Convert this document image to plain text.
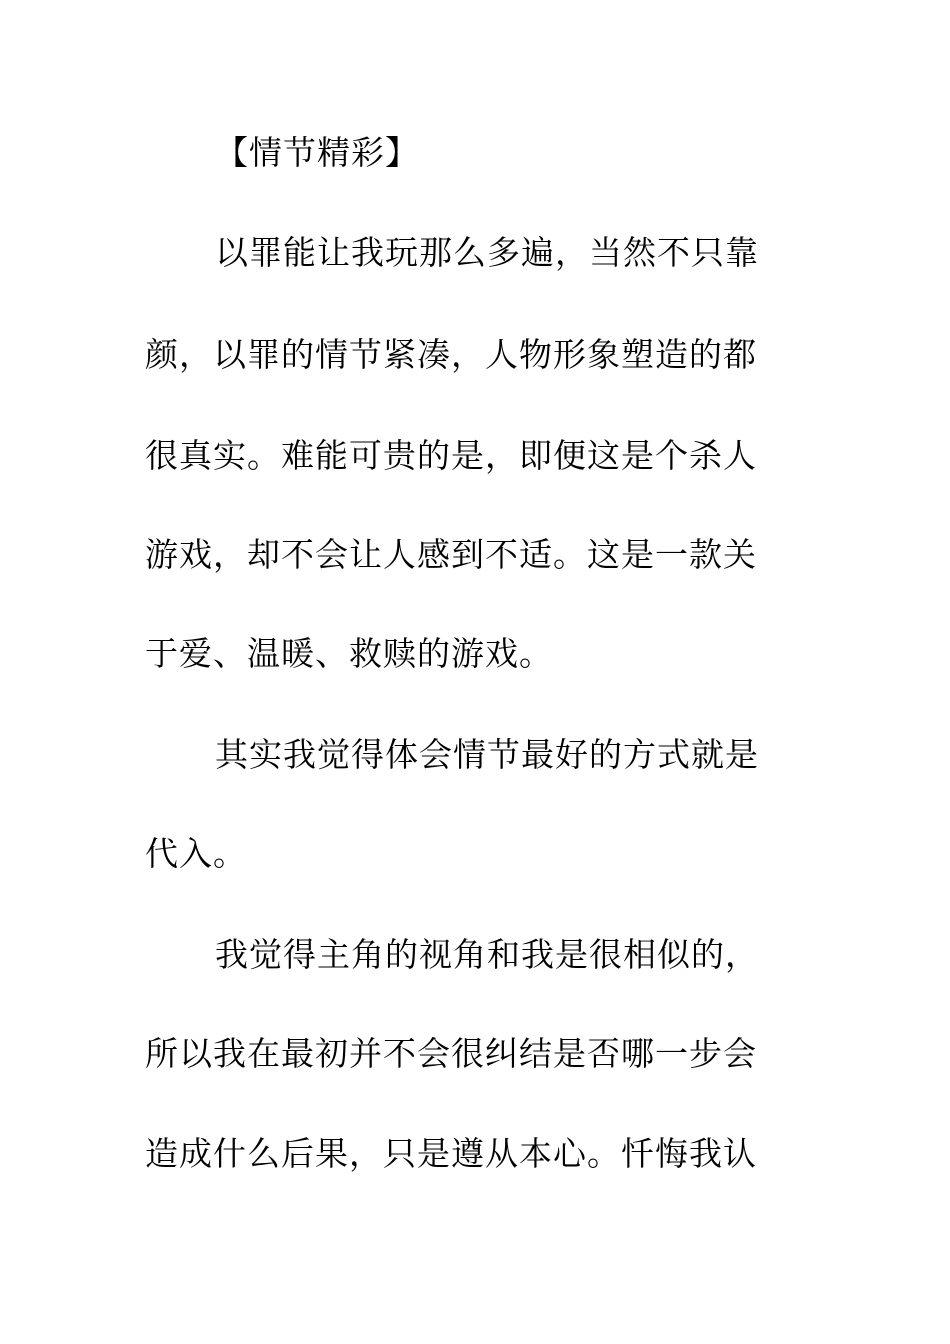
【情节精彩】
以罪能让我玩那么多遍，当然不只靠
颜，以罪的情节紧凑，人物形象塑造的都
很真实。难能可贵的是，即便这是个杀人
游戏，却不会让人感到不适。这是一款关
于爱、温暖、救赎的游戏。
其实我觉得体会情节最好的方式就是
代入。
我觉得主角的视角和我是很相似的，
所以我在最初并不会很纠结是否哪一步会
造成什么后果，只是遵从本心。忏悔我认
